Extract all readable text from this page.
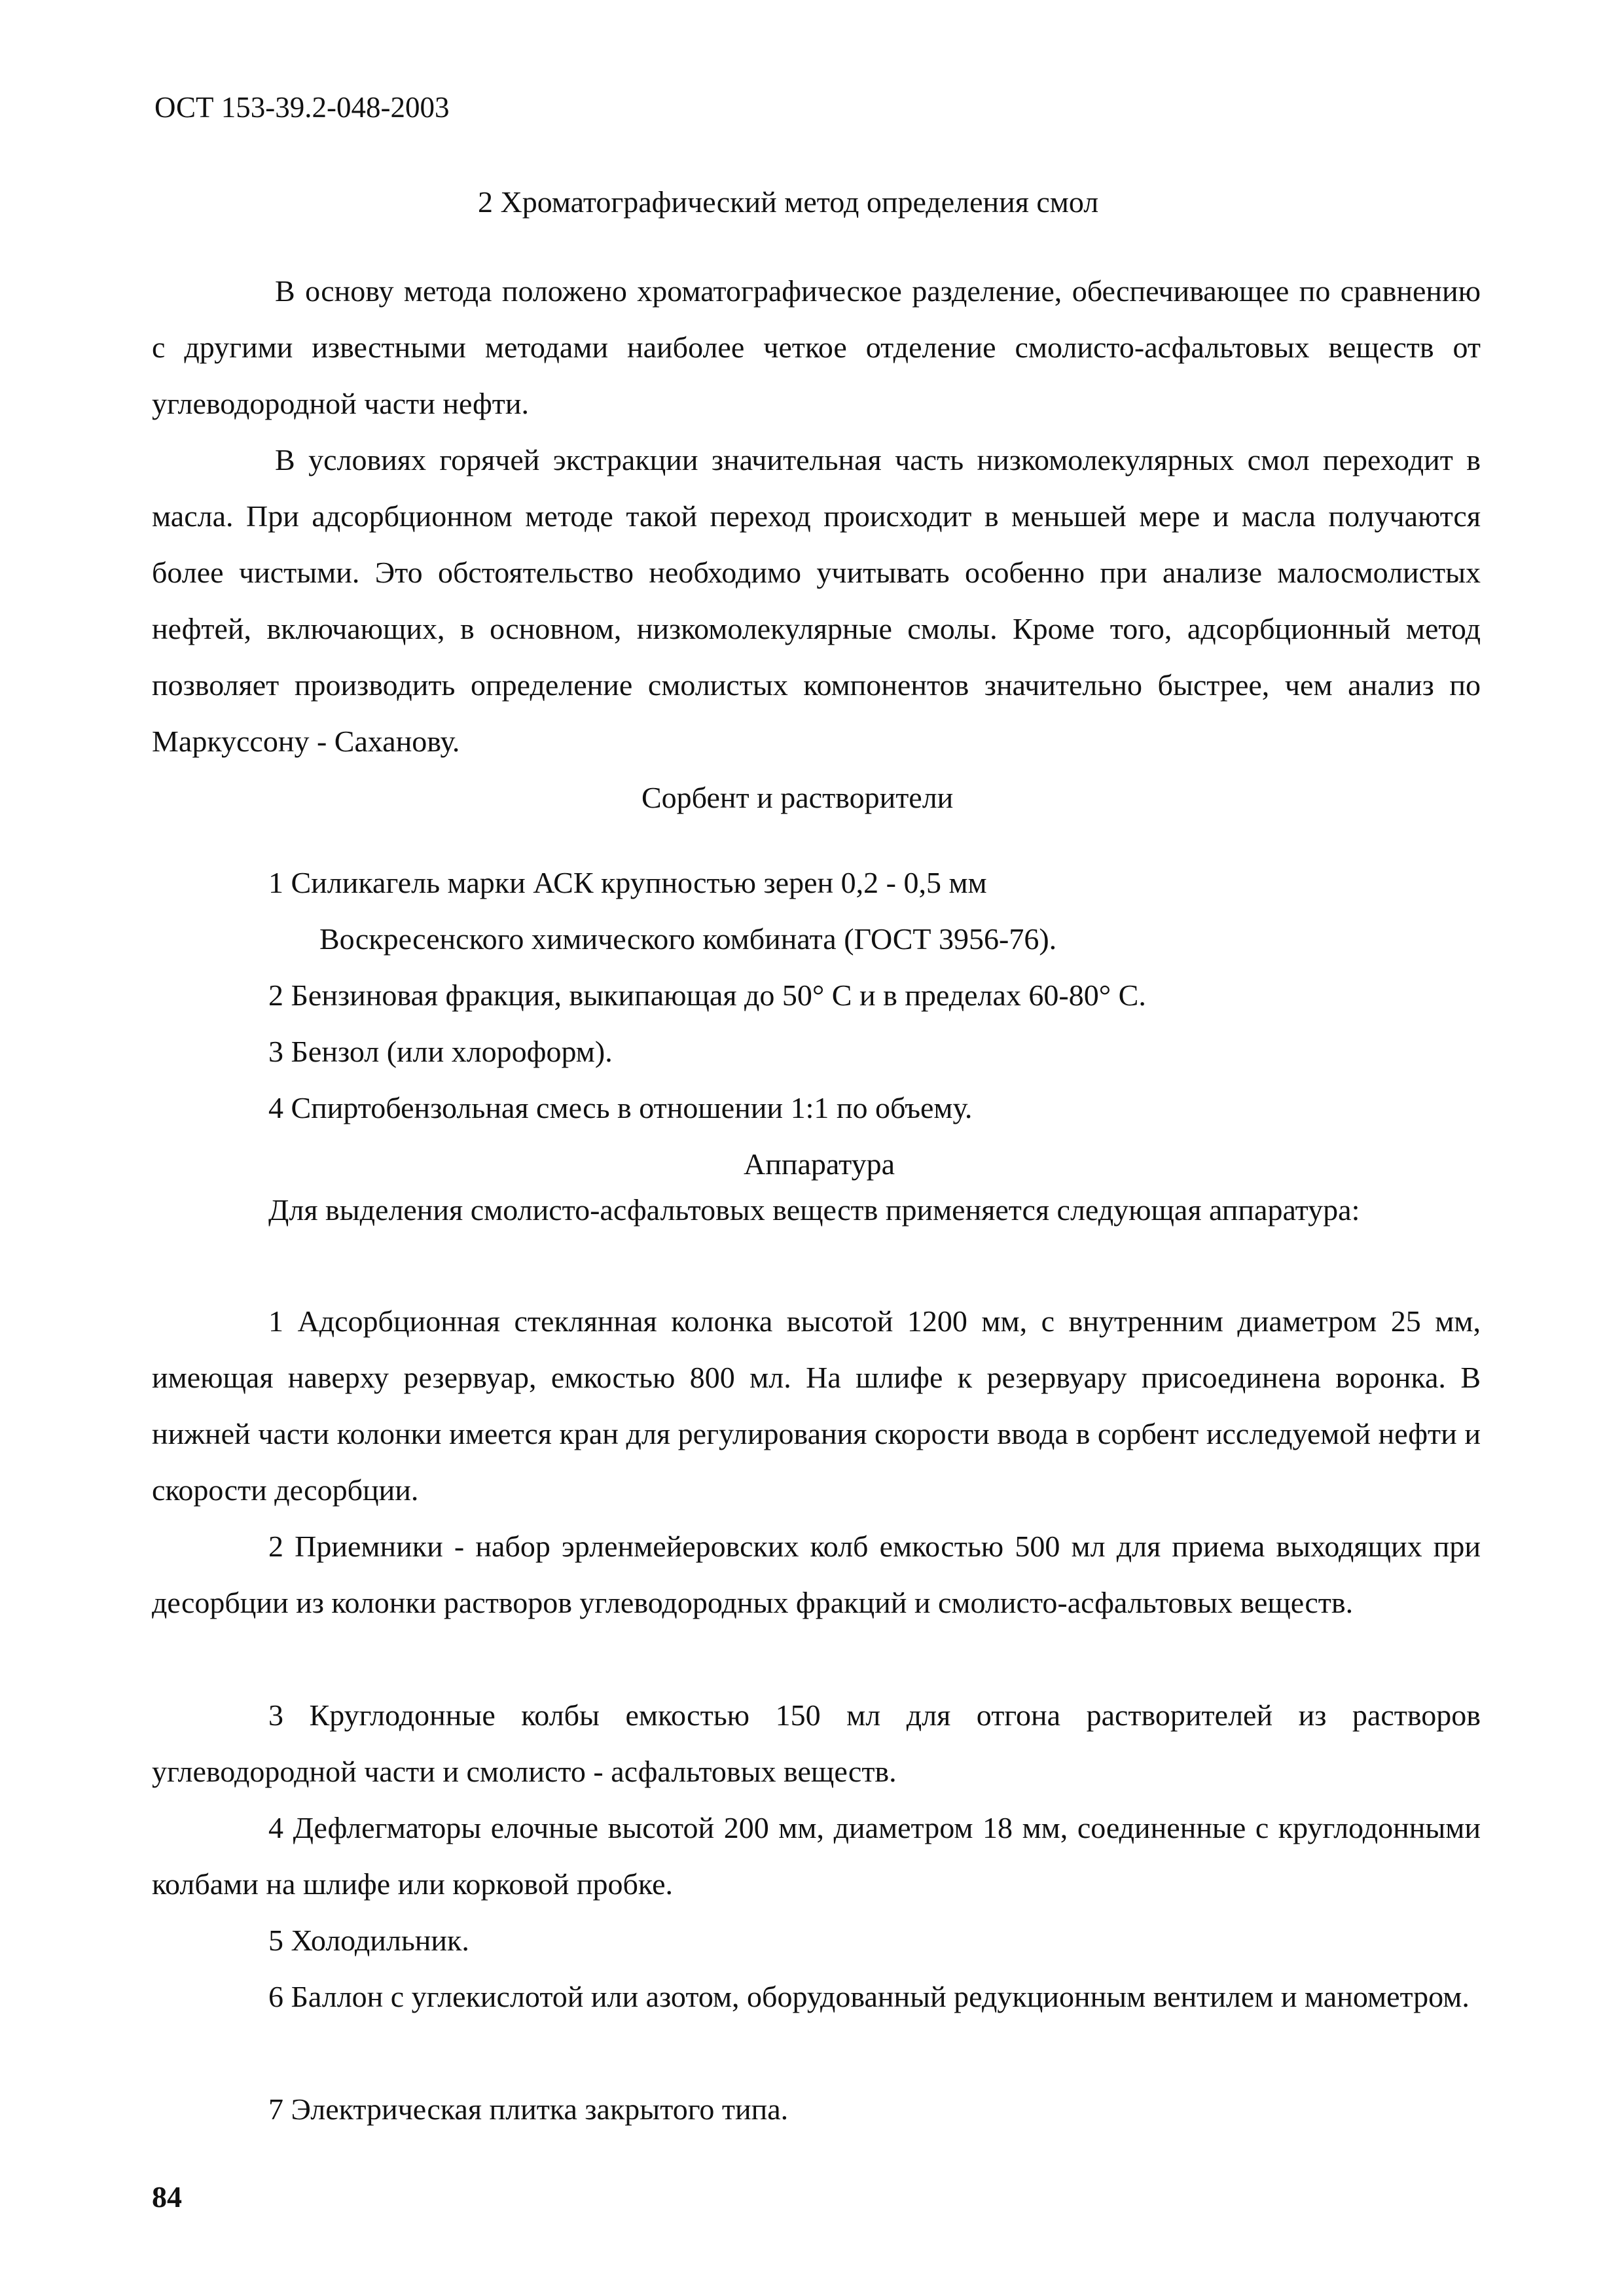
ОСТ 153-39.2-048-2003
2 Хроматографический метод определения смол

В основу метода положено хроматографическое разделение, обеспечивающее по сравнению с другими известными методами наиболее четкое отделение смолисто-асфальтовых веществ от углеводородной части нефти.

В условиях горячей экстракции значительная часть низкомолекулярных смол переходит в масла. При адсорбционном методе такой переход происходит в меньшей мере и масла получаются более чистыми. Это обстоятельство необходимо учитывать особенно при анализе малосмолистых нефтей, включающих, в основном, низкомолекулярные смолы. Кроме того, адсорбционный метод позволяет производить определение смолистых компонентов значительно быстрее, чем анализ по Маркуссону - Саханову.

Сорбент и растворители
1 Силикагель марки АСК крупностью зерен 0,2 - 0,5 мм
Воскресенского химического комбината (ГОСТ 3956-76).
2 Бензиновая фракция, выкипающая до 50° С и в пределах 60-80° С.
3 Бензол (или хлороформ).
4 Спиртобензольная смесь в отношении 1:1 по объему.
Аппаратура

Для выделения смолисто-асфальтовых веществ применяется следующая аппаратура:

1 Адсорбционная стеклянная колонка высотой 1200 мм, с внутренним диаметром 25 мм, имеющая наверху резервуар, емкостью 800 мл. На шлифе к резервуару присоединена воронка. В нижней части колонки имеется кран для регулирования скорости ввода в сорбент исследуемой нефти и скорости десорбции.

2 Приемники - набор эрленмейеровских колб емкостью 500 мл для приема выходящих при десорбции из колонки растворов углеводородных фракций и смолисто-асфальтовых веществ.

3 Круглодонные колбы емкостью 150 мл для отгона растворителей из растворов углеводородной части и смолисто - асфальтовых веществ.

4 Дефлегматоры елочные высотой 200 мм, диаметром 18 мм, соединенные с круглодонными колбами на шлифе или корковой пробке.

5 Холодильник.

6 Баллон с углекислотой или азотом, оборудованный редукционным вентилем и манометром.

7 Электрическая плитка закрытого типа.

84
